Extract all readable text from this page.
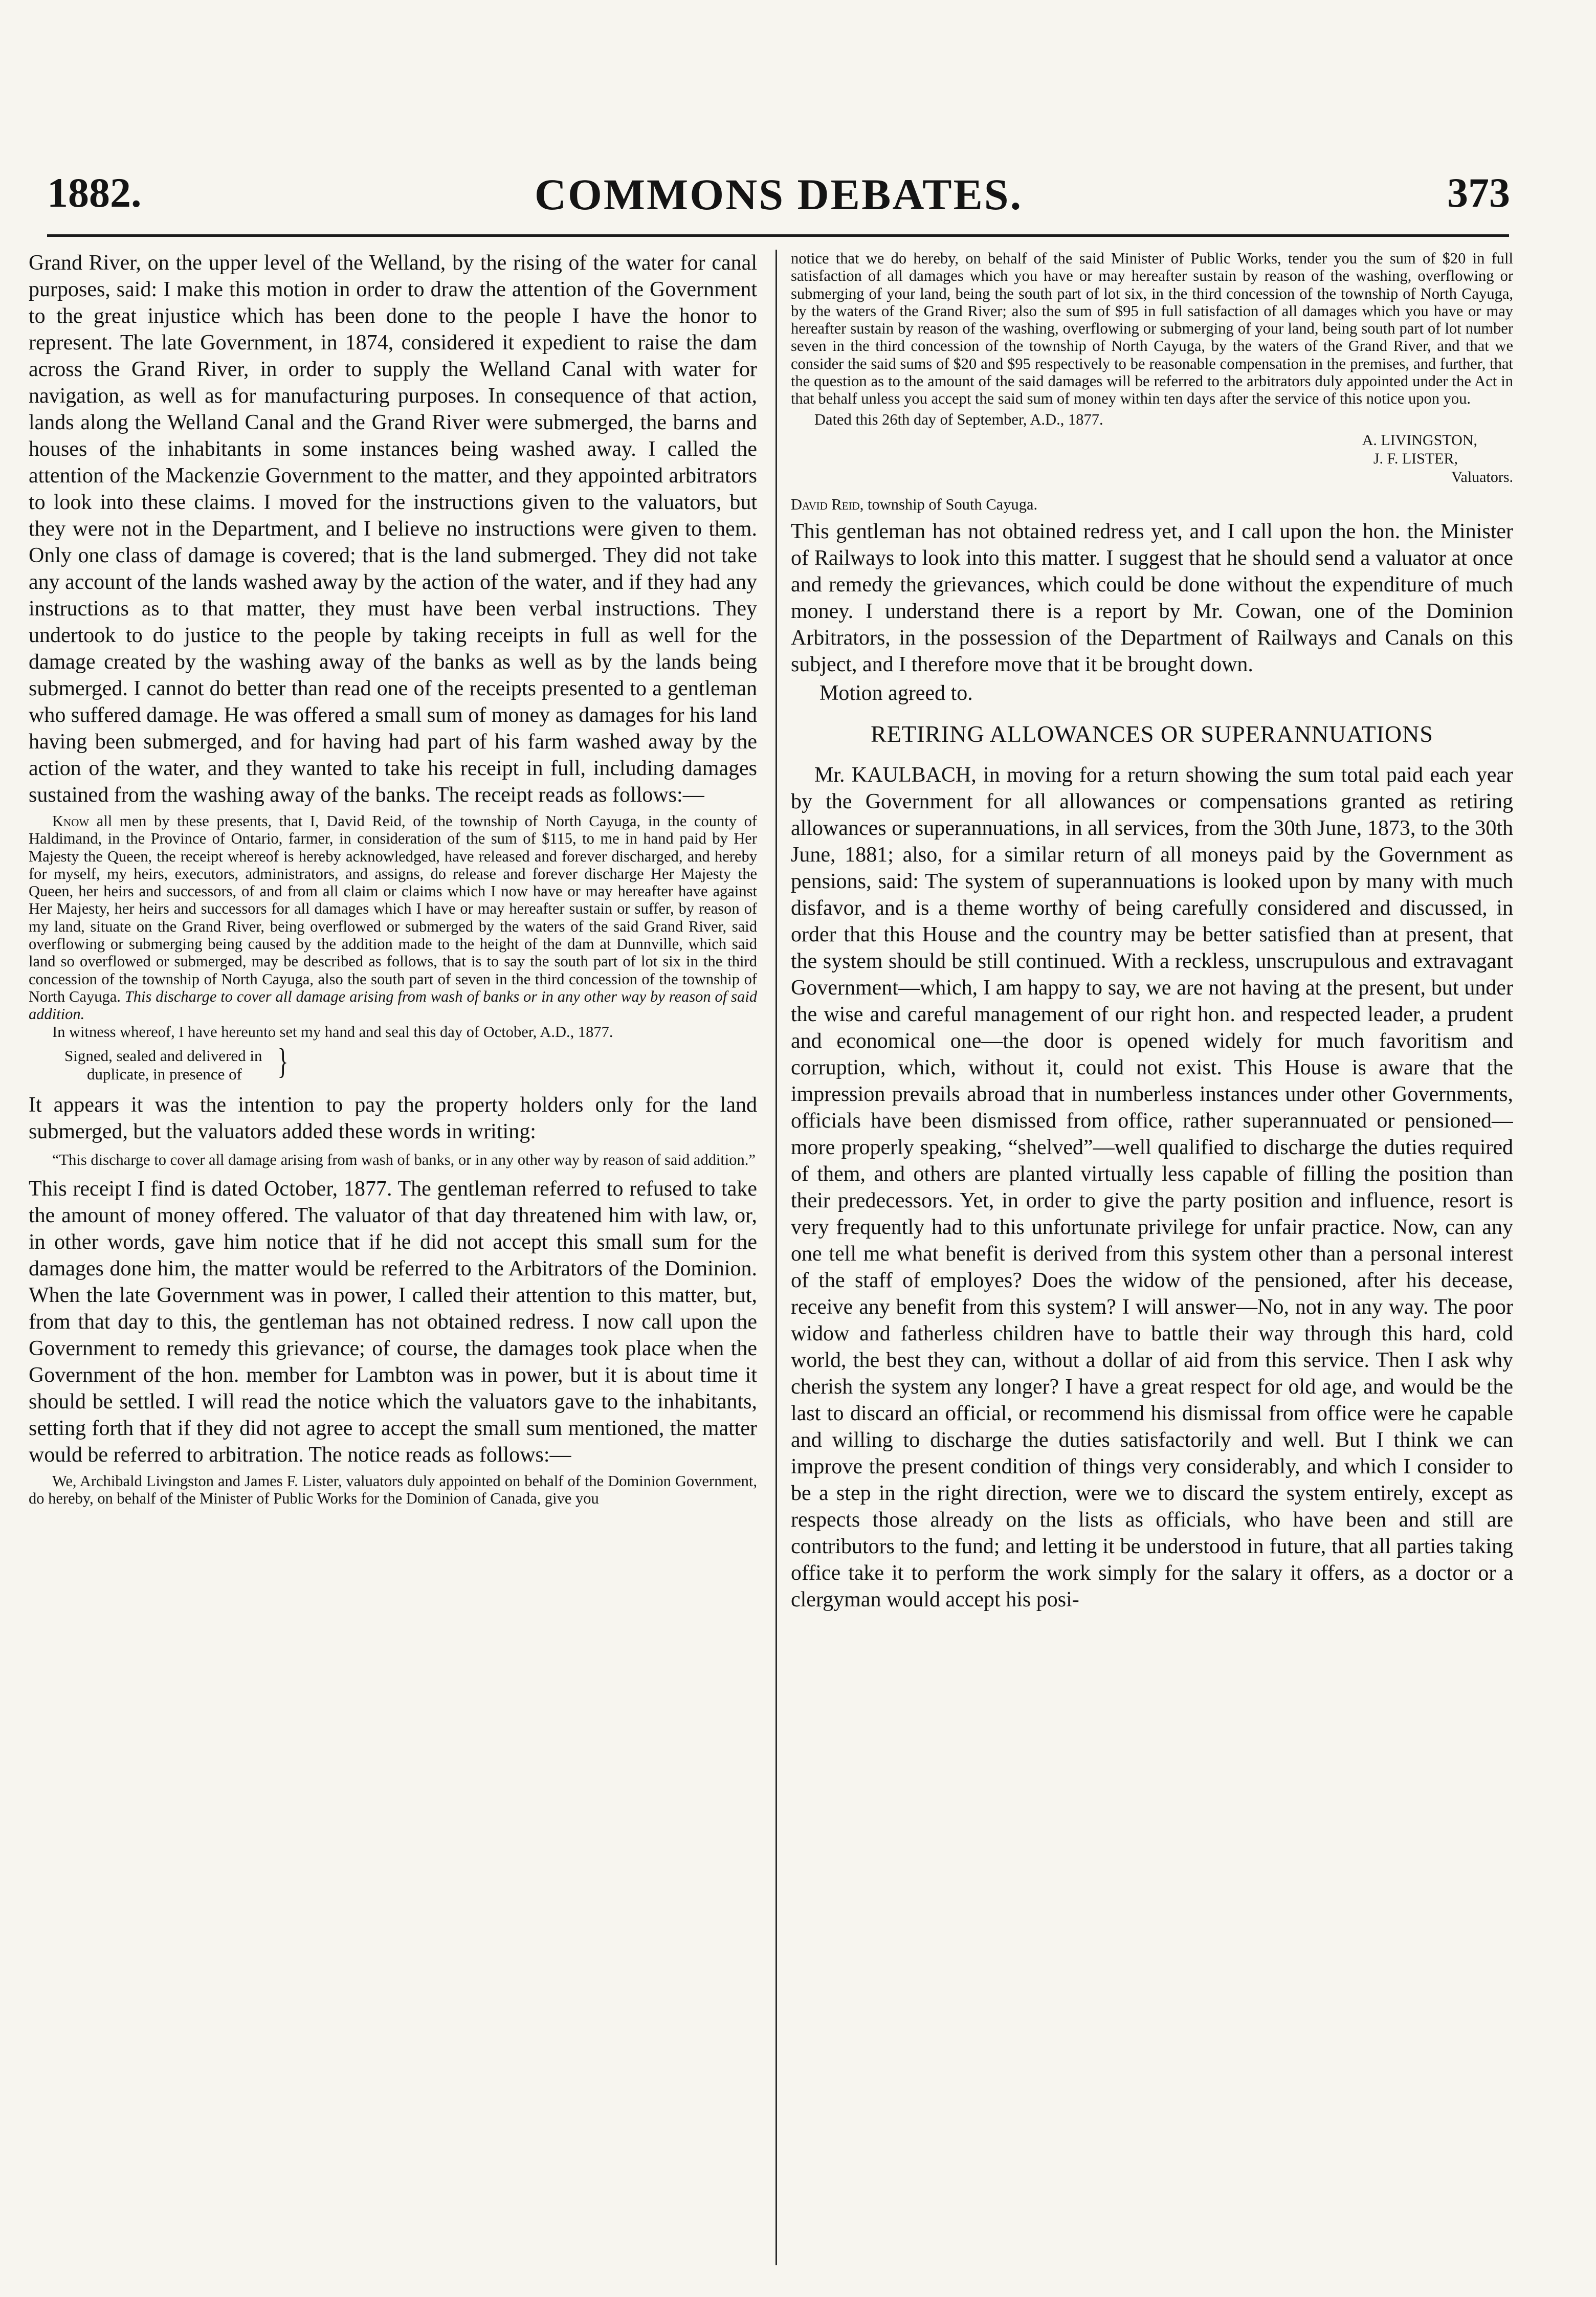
1882.	COMMONS DEBATES.	373

Grand River, on the upper level of the Welland, by the rising of the water for canal purposes, said: I make this motion in order to draw the attention of the Government to the great injustice which has been done to the people I have the honor to represent. The late Government, in 1874, considered it expedient to raise the dam across the Grand River, in order to supply the Welland Canal with water for navigation, as well as for manufacturing purposes. In consequence of that action, lands along the Welland Canal and the Grand River were submerged, the barns and houses of the inhabitants in some instances being washed away. I called the attention of the Mackenzie Government to the matter, and they appointed arbitrators to look into these claims. I moved for the instructions given to the valuators, but they were not in the Department, and I believe no instructions were given to them. Only one class of damage is covered; that is the land submerged. They did not take any account of the lands washed away by the action of the water, and if they had any instructions as to that matter, they must have been verbal instructions. They undertook to do justice to the people by taking receipts in full as well for the damage created by the washing away of the banks as well as by the lands being submerged. I cannot do better than read one of the receipts presented to a gentleman who suffered damage. He was offered a small sum of money as damages for his land having been submerged, and for having had part of his farm washed away by the action of the water, and they wanted to take his receipt in full, including damages sustained from the washing away of the banks. The receipt reads as follows:—

Know all men by these presents, that I, David Reid, of the township of North Cayuga, in the county of Haldimand, in the Province of Ontario, farmer, in consideration of the sum of $115, to me in hand paid by Her Majesty the Queen, the receipt whereof is hereby acknowledged, have released and forever discharged, and hereby for myself, my heirs, executors, administrators, and assigns, do release and forever discharge Her Majesty the Queen, her heirs and successors, of and from all claim or claims which I now have or may hereafter have against Her Majesty, her heirs and successors for all damages which I have or may hereafter sustain or suffer, by reason of my land, situate on the Grand River, being overflowed or submerged by the waters of the said Grand River, said overflowing or submerging being caused by the addition made to the height of the dam at Dunnville, which said land so overflowed or submerged, may be described as follows, that is to say the south part of lot six in the third concession of the township of North Cayuga, also the south part of seven in the third concession of the township of North Cayuga. This discharge to cover all damage arising from wash of banks or in any other way by reason of said addition.

In witness whereof, I have hereunto set my hand and seal this day of October, A.D., 1877.

Signed, sealed and delivered in
duplicate, in presence of	}

It appears it was the intention to pay the property holders only for the land submerged, but the valuators added these words in writing:

“This discharge to cover all damage arising from wash of banks, or in any other way by reason of said addition.”

This receipt I find is dated October, 1877. The gentleman referred to refused to take the amount of money offered. The valuator of that day threatened him with law, or, in other words, gave him notice that if he did not accept this small sum for the damages done him, the matter would be referred to the Arbitrators of the Dominion. When the late Government was in power, I called their attention to this matter, but, from that day to this, the gentleman has not obtained redress. I now call upon the Government to remedy this grievance; of course, the damages took place when the Government of the hon. member for Lambton was in power, but it is about time it should be settled. I will read the notice which the valuators gave to the inhabitants, setting forth that if they did not agree to accept the small sum mentioned, the matter would be referred to arbitration. The notice reads as follows:—

We, Archibald Livingston and James F. Lister, valuators duly appointed on behalf of the Dominion Government, do hereby, on behalf of the Minister of Public Works for the Dominion of Canada, give you

notice that we do hereby, on behalf of the said Minister of Public Works, tender you the sum of $20 in full satisfaction of all damages which you have or may hereafter sustain by reason of the washing, overflowing or submerging of your land, being the south part of lot six, in the third concession of the township of North Cayuga, by the waters of the Grand River; also the sum of $95 in full satisfaction of all damages which you have or may hereafter sustain by reason of the washing, overflowing or submerging of your land, being south part of lot number seven in the third concession of the township of North Cayuga, by the waters of the Grand River, and that we consider the said sums of $20 and $95 respectively to be reasonable compensation in the premises, and further, that the question as to the amount of the said damages will be referred to the arbitrators duly appointed under the Act in that behalf unless you accept the said sum of money within ten days after the service of this notice upon you.

Dated this 26th day of September, A.D., 1877.

A. LIVINGSTON,
J. F. LISTER,
Valuators.

David Reid, township of South Cayuga.

This gentleman has not obtained redress yet, and I call upon the hon. the Minister of Railways to look into this matter. I suggest that he should send a valuator at once and remedy the grievances, which could be done without the expenditure of much money. I understand there is a report by Mr. Cowan, one of the Dominion Arbitrators, in the possession of the Department of Railways and Canals on this subject, and I therefore move that it be brought down.

Motion agreed to.

RETIRING ALLOWANCES OR SUPERANNUATIONS

Mr. KAULBACH, in moving for a return showing the sum total paid each year by the Government for all allowances or compensations granted as retiring allowances or superannuations, in all services, from the 30th June, 1873, to the 30th June, 1881; also, for a similar return of all moneys paid by the Government as pensions, said: The system of superannuations is looked upon by many with much disfavor, and is a theme worthy of being carefully considered and discussed, in order that this House and the country may be better satisfied than at present, that the system should be still continued. With a reckless, unscrupulous and extravagant Government—which, I am happy to say, we are not having at the present, but under the wise and careful management of our right hon. and respected leader, a prudent and economical one—the door is opened widely for much favoritism and corruption, which, without it, could not exist. This House is aware that the impression prevails abroad that in numberless instances under other Governments, officials have been dismissed from office, rather superannuated or pensioned—more properly speaking, “shelved”—well qualified to discharge the duties required of them, and others are planted virtually less capable of filling the position than their predecessors. Yet, in order to give the party position and influence, resort is very frequently had to this unfortunate privilege for unfair practice. Now, can any one tell me what benefit is derived from this system other than a personal interest of the staff of employes? Does the widow of the pensioned, after his decease, receive any benefit from this system? I will answer—No, not in any way. The poor widow and fatherless children have to battle their way through this hard, cold world, the best they can, without a dollar of aid from this service. Then I ask why cherish the system any longer? I have a great respect for old age, and would be the last to discard an official, or recommend his dismissal from office were he capable and willing to discharge the duties satisfactorily and well. But I think we can improve the present condition of things very considerably, and which I consider to be a step in the right direction, were we to discard the system entirely, except as respects those already on the lists as officials, who have been and still are contributors to the fund; and letting it be understood in future, that all parties taking office take it to perform the work simply for the salary it offers, as a doctor or a clergyman would accept his posi-
